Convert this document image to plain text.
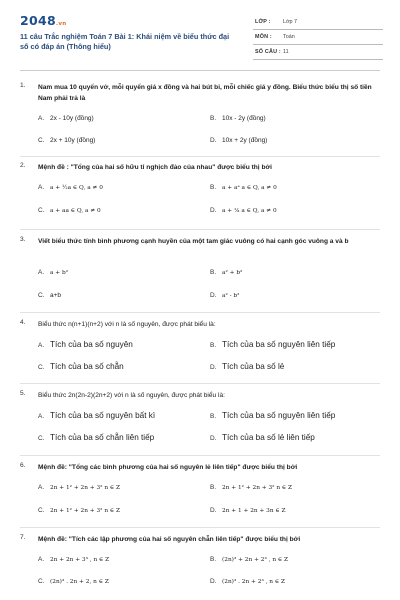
2048.vn
11 câu Trắc nghiệm Toán 7 Bài 1: Khái niệm về biểu thức đại số có đáp án (Thông hiểu)
LỚP : Lớp 7
MÔN : Toán
SỐ CÂU : 11
1. Nam mua 10 quyển vở, mỗi quyển giá x đồng và hai bút bi, mỗi chiếc giá y đồng. Biểu thức biểu thị số tiền Nam phải trả là
A. 2x - 10y (đồng)	B. 10x - 2y (đồng)
C. 2x + 10y (đồng)	D. 10x + 2y (đồng)
2. Mệnh đề : "Tổng của hai số hữu tỉ nghịch đảo của nhau" được biểu thị bởi
A. a + ½a ∈ Q, a ≠ 0	B. a + aᵃ a ∈ Q, a ≠ 0
C. a + aa ∈ Q, a ≠ 0	D. a + ¹⁄ₐ a ∈ Q, a ≠ 0
3. Viết biểu thức tính bình phương cạnh huyền của một tam giác vuông có hai cạnh góc vuông a và b
A. a + b²	B. a² + b²
C. a+b	D. a² - b²
4. Biểu thức n(n+1)(n+2) với n là số nguyên, được phát biểu là:
A. Tích của ba số nguyên	B. Tích của ba số nguyên liên tiếp
C. Tích của ba số chẵn	D. Tích của ba số lẻ
5. Biểu thức 2n(2n-2)(2n+2) với n là số nguyên, được phát biểu là:
A. Tích của ba số nguyên bất kì	B. Tích của ba số nguyên liên tiếp
C. Tích của ba số chẵn liên tiếp	D. Tích của ba số lẻ liên tiếp
6. Mệnh đề: "Tổng các bình phương của hai số nguyên lẻ liên tiếp" được biểu thị bởi
A. 2n + 1² + 2n + 3² n ∈ Z	B. 2n + 1² + 2n + 3² n ∈ Z
C. 2n + 1² + 2n + 3² n ∈ Z	D. 2n + 1 + 2n + 3n ∈ Z
7. Mệnh đề: "Tích các lập phương của hai số nguyên chẵn liên tiếp" được biểu thị bởi
A. 2n + 2n + 3³ , n ∈ Z	B. (2n)³ + 2n + 2³ , n ∈ Z
C. (2n)³ . 2n + 2, n ∈ Z	D. (2n)³ . 2n + 2³ , n ∈ Z
